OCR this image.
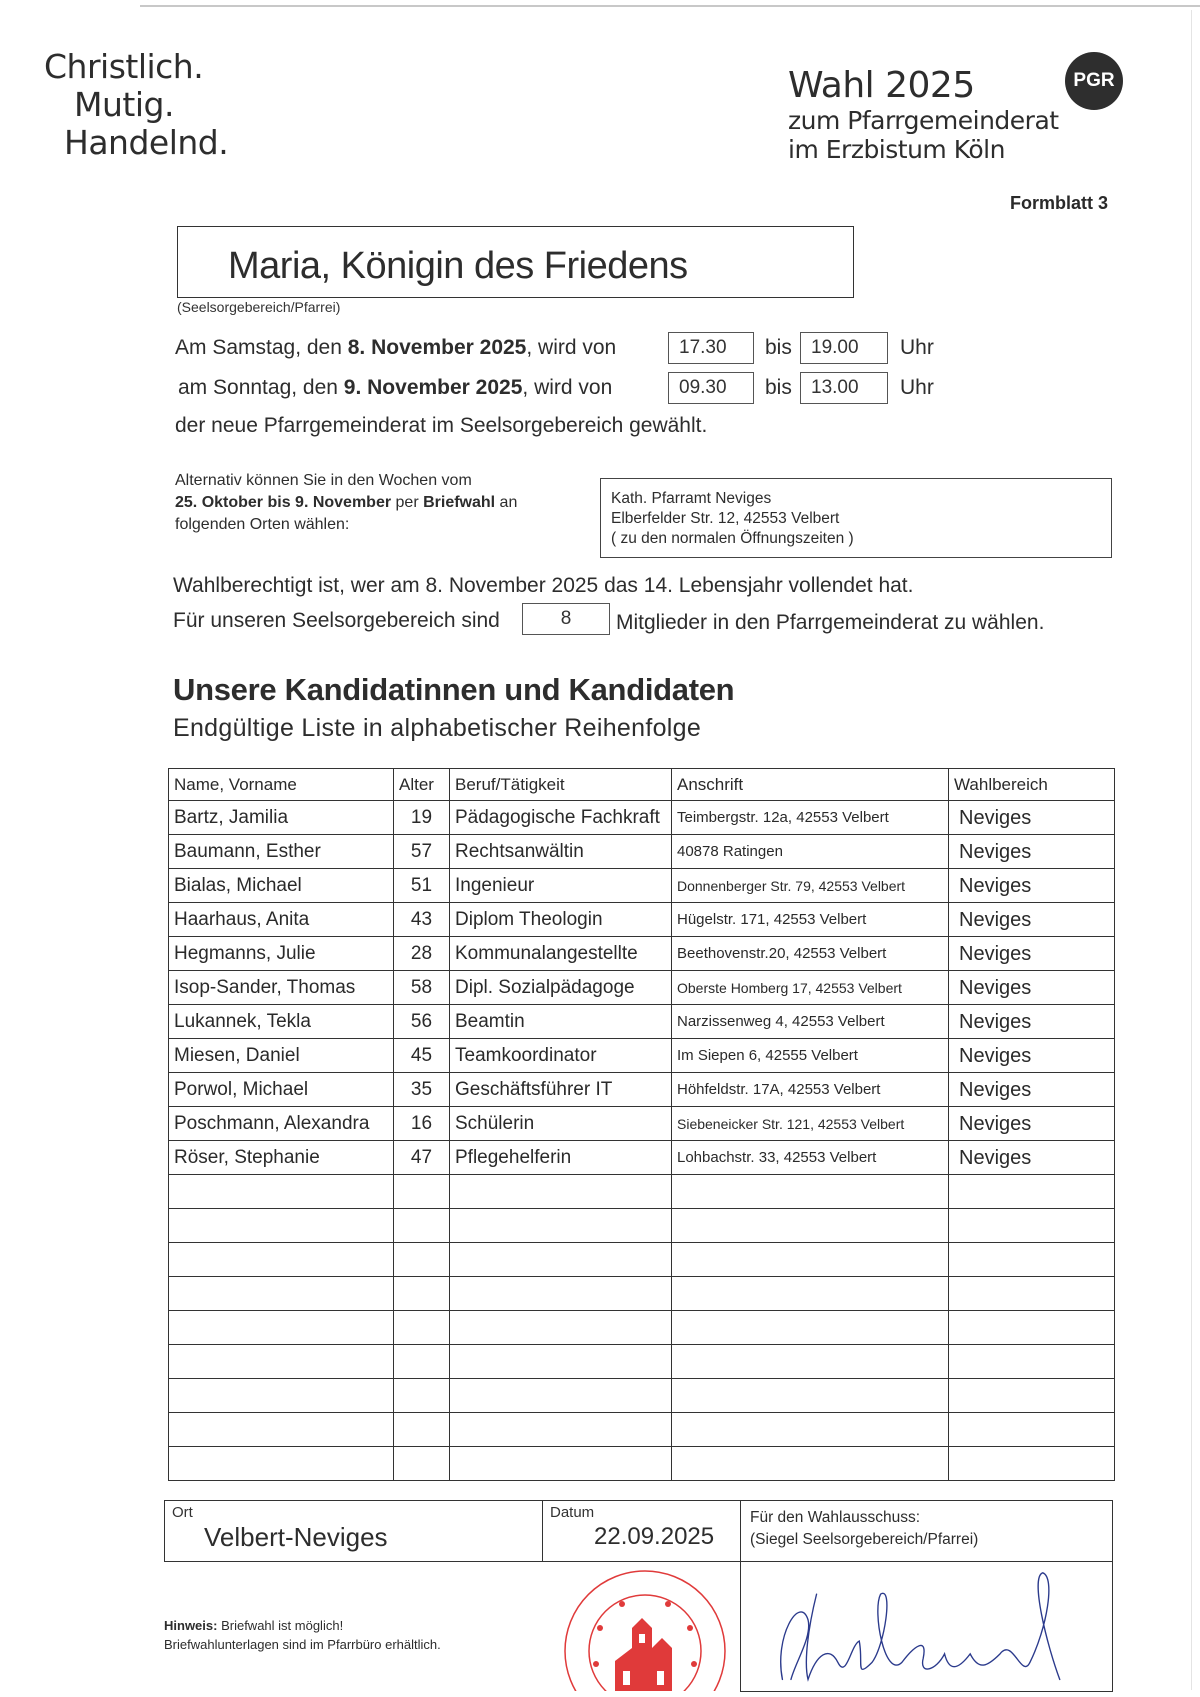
Christlich.
Mutig.
Handelnd.
Wahl 2025
zum Pfarrgemeinderat
im Erzbistum Köln
PGR
Formblatt 3
Maria, Königin des Friedens
(Seelsorgebereich/Pfarrei)
Am Samstag, den 8. November 2025, wird von	17.30	bis	19.00	Uhr
am Sonntag, den 9. November 2025, wird von	09.30	bis	13.00	Uhr
der neue Pfarrgemeinderat im Seelsorgebereich gewählt.
Alternativ können Sie in den Wochen vom
25. Oktober bis 9. November per Briefwahl an
folgenden Orten wählen:
Kath. Pfarramt Neviges
Elberfelder Str. 12, 42553 Velbert
( zu den normalen Öffnungszeiten )
Wahlberechtigt ist, wer am 8. November 2025 das 14. Lebensjahr vollendet hat.
Für unseren Seelsorgebereich sind	8	Mitglieder in den Pfarrgemeinderat zu wählen.
Unsere Kandidatinnen und Kandidaten
Endgültige Liste in alphabetischer Reihenfolge
Name, Vorname	Alter	Beruf/Tätigkeit	Anschrift	Wahlbereich
Bartz, Jamilia	19	Pädagogische Fachkraft	Teimbergstr. 12a, 42553 Velbert	Neviges
Baumann, Esther	57	Rechtsanwältin	40878 Ratingen	Neviges
Bialas, Michael	51	Ingenieur	Donnenberger Str. 79, 42553 Velbert	Neviges
Haarhaus, Anita	43	Diplom Theologin	Hügelstr. 171, 42553 Velbert	Neviges
Hegmanns, Julie	28	Kommunalangestellte	Beethovenstr.20, 42553 Velbert	Neviges
Isop-Sander, Thomas	58	Dipl. Sozialpädagoge	Oberste Homberg 17, 42553 Velbert	Neviges
Lukannek, Tekla	56	Beamtin	Narzissenweg 4, 42553 Velbert	Neviges
Miesen, Daniel	45	Teamkoordinator	Im Siepen 6, 42555 Velbert	Neviges
Porwol, Michael	35	Geschäftsführer IT	Höhfeldstr. 17A, 42553 Velbert	Neviges
Poschmann, Alexandra	16	Schülerin	Siebeneicker Str. 121, 42553 Velbert	Neviges
Röser, Stephanie	47	Pflegehelferin	Lohbachstr. 33, 42553 Velbert	Neviges

Ort
Velbert-Neviges
Datum
22.09.2025
Für den Wahlausschuss:
(Siegel Seelsorgebereich/Pfarrei)
Hinweis: Briefwahl ist möglich!
Briefwahlunterlagen sind im Pfarrbüro erhältlich.
